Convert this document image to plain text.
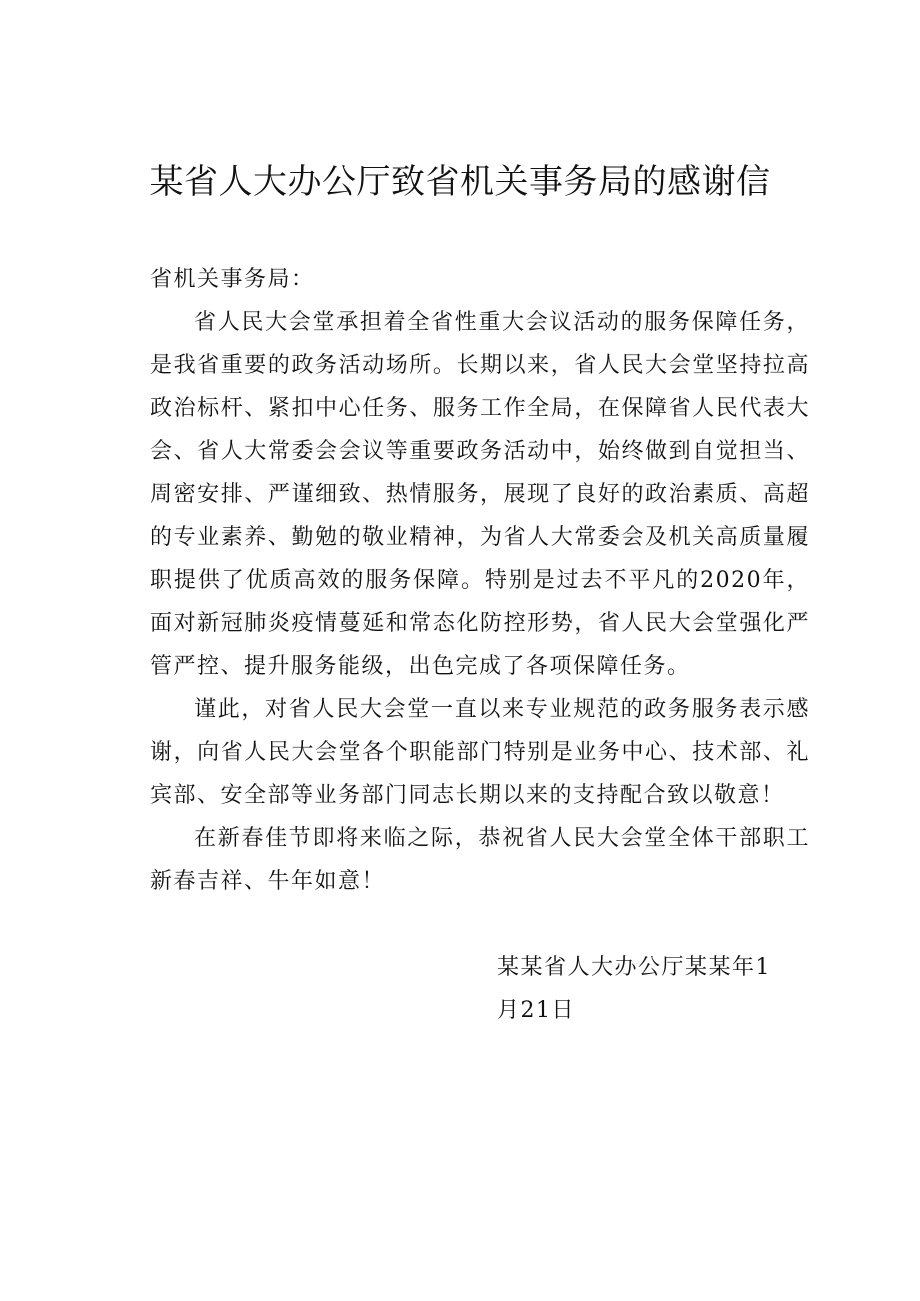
某省人大办公厅致省机关事务局的感谢信

省机关事务局：

省人民大会堂承担着全省性重大会议活动的服务保障任务，是我省重要的政务活动场所。长期以来，省人民大会堂坚持拉高政治标杆、紧扣中心任务、服务工作全局，在保障省人民代表大会、省人大常委会会议等重要政务活动中，始终做到自觉担当、周密安排、严谨细致、热情服务，展现了良好的政治素质、高超的专业素养、勤勉的敬业精神，为省人大常委会及机关高质量履职提供了优质高效的服务保障。特别是过去不平凡的2020年，面对新冠肺炎疫情蔓延和常态化防控形势，省人民大会堂强化严管严控、提升服务能级，出色完成了各项保障任务。

谨此，对省人民大会堂一直以来专业规范的政务服务表示感谢，向省人民大会堂各个职能部门特别是业务中心、技术部、礼宾部、安全部等业务部门同志长期以来的支持配合致以敬意！

在新春佳节即将来临之际，恭祝省人民大会堂全体干部职工新春吉祥、牛年如意！

某某省人大办公厅某某年1月21日
